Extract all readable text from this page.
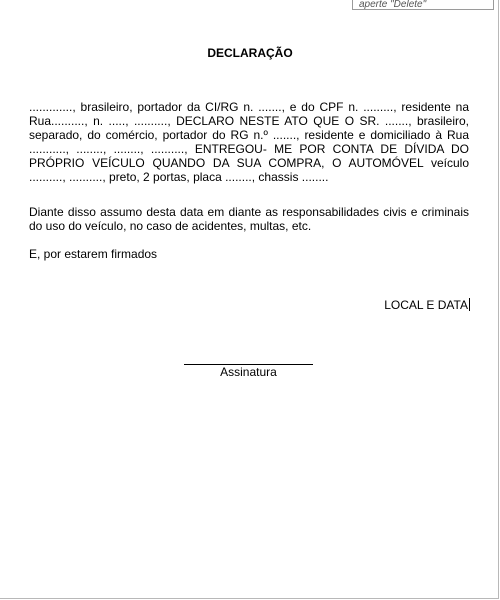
aperte "Delete"
DECLARAÇÃO

............., brasileiro, portador da CI/RG n. ......., e do CPF n. ........., residente na Rua.........., n. ....., .........., DECLARO NESTE ATO QUE O SR. ......., brasileiro, separado, do comércio, portador do RG n.º ......., residente e domiciliado à Rua ..........., ........, ........, .........., ENTREGOU- ME POR CONTA DE DÍVIDA DO PRÓPRIO VEÍCULO QUANDO DA SUA COMPRA, O AUTOMÓVEL veículo .........., .........., preto, 2 portas, placa ........, chassis ........

Diante disso assumo desta data em diante as responsabilidades civis e criminais do uso do veículo, no caso de acidentes, multas, etc.

E, por estarem firmados

LOCAL E DATA
Assinatura
